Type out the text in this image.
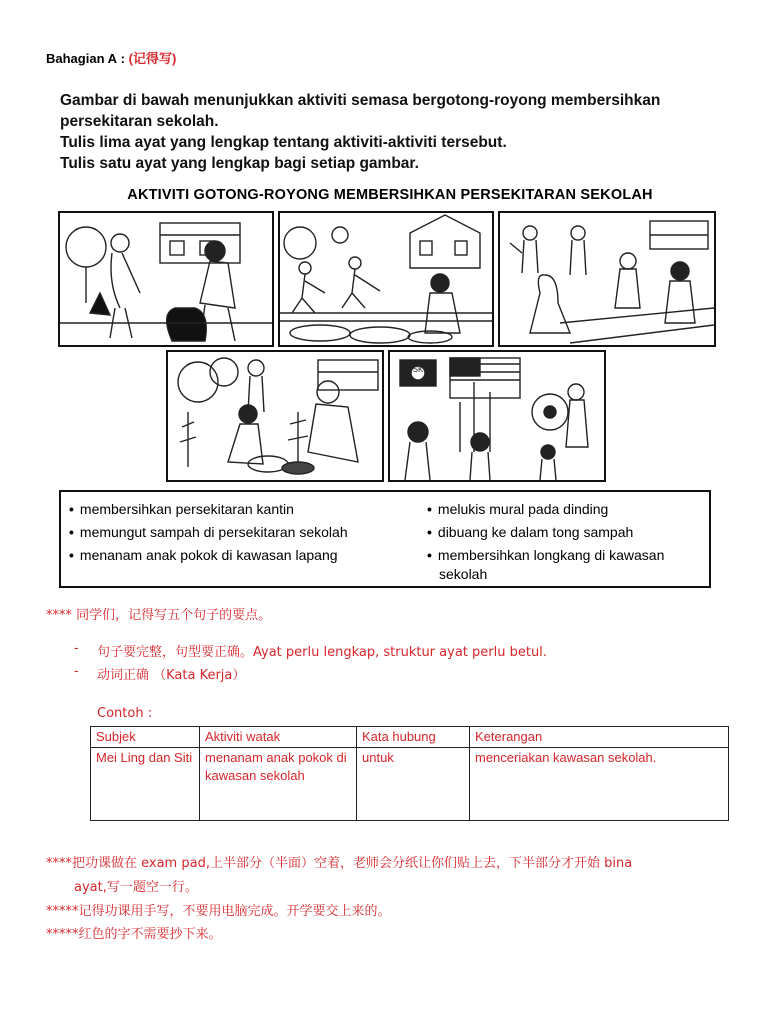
Bahagian A : (记得写)
Gambar di bawah menunjukkan aktiviti semasa bergotong-royong membersihkan
persekitaran sekolah.
Tulis lima ayat yang lengkap tentang aktiviti-aktiviti tersebut.
Tulis satu ayat yang lengkap bagi setiap gambar.
AKTIVITI GOTONG-ROYONG MEMBERSIHKAN PERSEKITARAN SEKOLAH
SK
• membersihkan persekitaran kantin
• memungut sampah di persekitaran sekolah
• menanam anak pokok di kawasan lapang
• melukis mural pada dinding
• dibuang ke dalam tong sampah
• membersihkan longkang di kawasan
sekolah
**** 同学们，记得写五个句子的要点。
- 句子要完整，句型要正确。Ayat perlu lengkap, struktur ayat perlu betul.
- 动词正确 （Kata Kerja）
Contoh :
Subjek	Aktiviti watak	Kata hubung	Keterangan
Mei Ling dan Siti	menanam anak pokok di kawasan sekolah	untuk	menceriakan kawasan sekolah.
****把功课做在 exam pad,上半部分（半面）空着，老师会分纸让你们贴上去，下半部分才开始 bina
ayat,写一题空一行。
*****记得功课用手写，不要用电脑完成。开学要交上来的。
*****红色的字不需要抄下来。
